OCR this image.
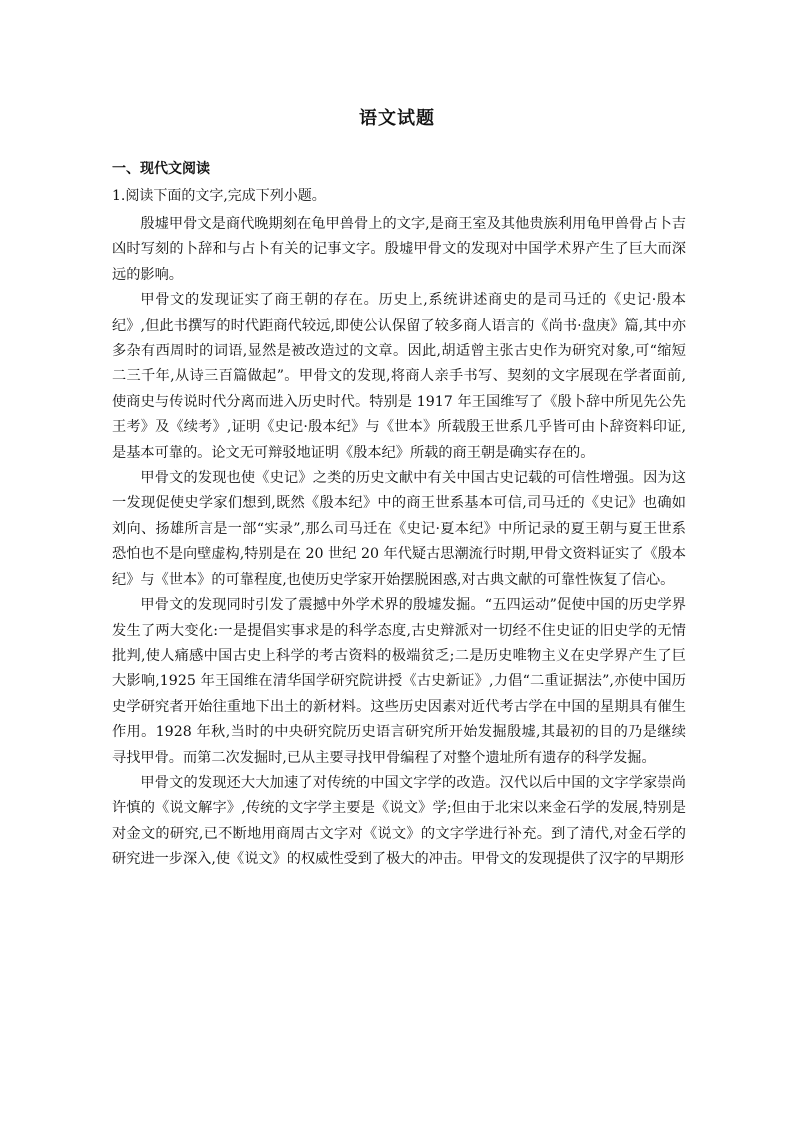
语文试题
一、现代文阅读
1.阅读下面的文字,完成下列小题。

殷墟甲骨文是商代晚期刻在龟甲兽骨上的文字,是商王室及其他贵族利用龟甲兽骨占卜吉凶时写刻的卜辞和与占卜有关的记事文字。殷墟甲骨文的发现对中国学术界产生了巨大而深远的影响。

甲骨文的发现证实了商王朝的存在。历史上,系统讲述商史的是司马迁的《史记·殷本纪》,但此书撰写的时代距商代较远,即使公认保留了较多商人语言的《尚书·盘庚》篇,其中亦多杂有西周时的词语,显然是被改造过的文章。因此,胡适曾主张古史作为研究对象,可“缩短二三千年,从诗三百篇做起”。甲骨文的发现,将商人亲手书写、契刻的文字展现在学者面前,使商史与传说时代分离而进入历史时代。特别是 1917 年王国维写了《殷卜辞中所见先公先王考》及《续考》,证明《史记·殷本纪》与《世本》所载殷王世系几乎皆可由卜辞资料印证,是基本可靠的。论文无可辩驳地证明《殷本纪》所载的商王朝是确实存在的。

甲骨文的发现也使《史记》之类的历史文献中有关中国古史记载的可信性增强。因为这一发现促使史学家们想到,既然《殷本纪》中的商王世系基本可信,司马迁的《史记》也确如刘向、扬雄所言是一部“实录”,那么司马迁在《史记·夏本纪》中所记录的夏王朝与夏王世系恐怕也不是向壁虚构,特别是在 20 世纪 20 年代疑古思潮流行时期,甲骨文资料证实了《殷本纪》与《世本》的可靠程度,也使历史学家开始摆脱困惑,对古典文献的可靠性恢复了信心。

甲骨文的发现同时引发了震撼中外学术界的殷墟发掘。“五四运动”促使中国的历史学界发生了两大变化:一是提倡实事求是的科学态度,古史辩派对一切经不住史证的旧史学的无情批判,使人痛感中国古史上科学的考古资料的极端贫乏;二是历史唯物主义在史学界产生了巨大影响,1925 年王国维在清华国学研究院讲授《古史新证》,力倡“二重证据法”,亦使中国历史学研究者开始往重地下出土的新材料。这些历史因素对近代考古学在中国的星期具有催生作用。1928 年秋,当时的中央研究院历史语言研究所开始发掘殷墟,其最初的目的乃是继续寻找甲骨。而第二次发掘时,已从主要寻找甲骨编程了对整个遗址所有遗存的科学发掘。

甲骨文的发现还大大加速了对传统的中国文字学的改造。汉代以后中国的文字学家崇尚许慎的《说文解字》,传统的文字学主要是《说文》学;但由于北宋以来金石学的发展,特别是对金文的研究,已不断地用商周古文字对《说文》的文字学进行补充。到了清代,对金石学的研究进一步深入,使《说文》的权威性受到了极大的冲击。甲骨文的发现提供了汉字的早期形
